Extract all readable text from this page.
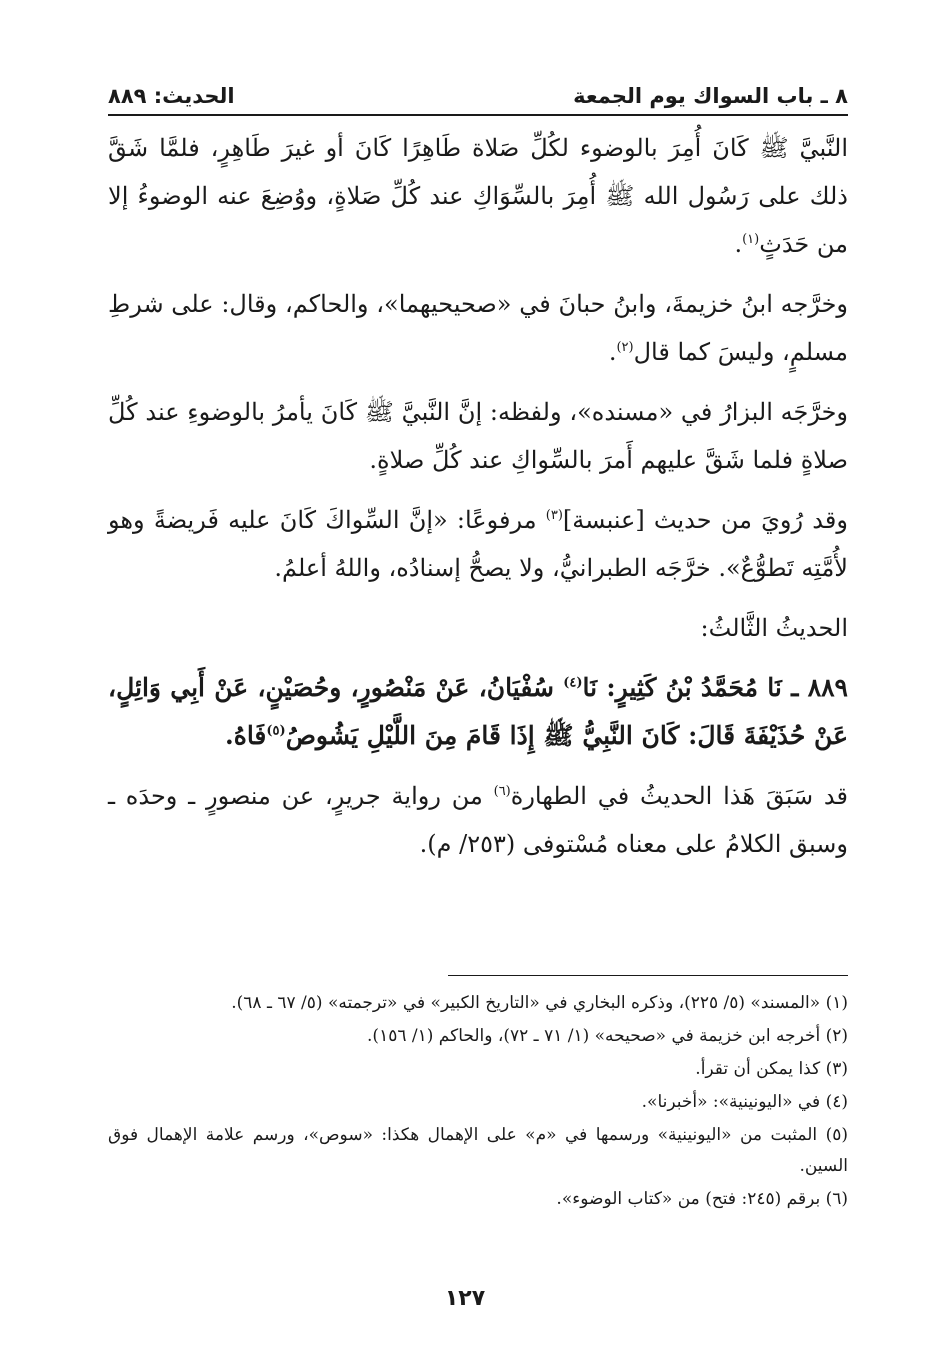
٨ ـ باب السواك يوم الجمعة
الحديث: ٨٨٩

النَّبيَّ ﷺ كَانَ أُمِرَ بالوضوء لكُلِّ صَلاة طَاهِرًا كَانَ أو غيرَ طَاهِرٍ، فلمَّا شَقَّ ذلك على رَسُول الله ﷺ أُمِرَ بالسِّوَاكِ عند كُلِّ صَلاةٍ، ووُضِعَ عنه الوضوءُ إلا من حَدَثٍ$^{(١)}$.

وخرَّجه ابنُ خزيمةَ، وابنُ حبانَ في «صحيحيهما»، والحاكم، وقال: على شرطِ مسلمٍ، وليسَ كما قال$^{(٢)}$.

وخرَّجَه البزارُ في «مسنده»، ولفظه: إنَّ النَّبيَّ ﷺ كَانَ يأمرُ بالوضوءِ عند كُلِّ صلاةٍ فلما شَقَّ عليهم أَمرَ بالسِّواكِ عند كُلِّ صلاةٍ.

وقد رُويَ من حديث [عنبسة]$^{(٣)}$ مرفوعًا: «إنَّ السِّواكَ كَانَ عليه فَريضةً وهو لأُمَّتِه تَطوُّعٌ». خرَّجَه الطبرانيُّ، ولا يصحُّ إسنادُه، واللهُ أعلمُ.

الحديثُ الثَّالثُ:

٨٨٩ ـ نَا مُحَمَّدُ بْنُ كَثِيرٍ: نَا$^{(٤)}$ سُفْيَانُ، عَنْ مَنْصُورٍ، وحُصَيْنٍ، عَنْ أَبِي وَائِلٍ، عَنْ حُذَيْفَةَ قَالَ: كَانَ النَّبِيُّ ﷺ إِذَا قَامَ مِنَ اللَّيْلِ يَشُوصُ$^{(٥)}$فَاهُ.

قد سَبَقَ هَذا الحديثُ في الطهارة$^{(٦)}$ من رواية جريرٍ، عن منصورٍ ـ وحدَه ـ وسبق الكلامُ على معناه مُسْتوفى (٢٥٣/ م).

(١) «المسند» (٥/ ٢٢٥)، وذكره البخاري في «التاريخ الكبير» في «ترجمته» (٥/ ٦٧ ـ ٦٨).

(٢) أخرجه ابن خزيمة في «صحيحه» (١/ ٧١ ـ ٧٢)، والحاكم (١/ ١٥٦).

(٣) كذا يمكن أن تقرأ.

(٤) في «اليونينية»: «أخبرنا».

(٥) المثبت من «اليونينية» ورسمها في «م» على الإهمال هكذا: «سوص»، ورسم علامة الإهمال فوق السين.

(٦) برقم (٢٤٥: فتح) من «كتاب الوضوء».

١٢٧
